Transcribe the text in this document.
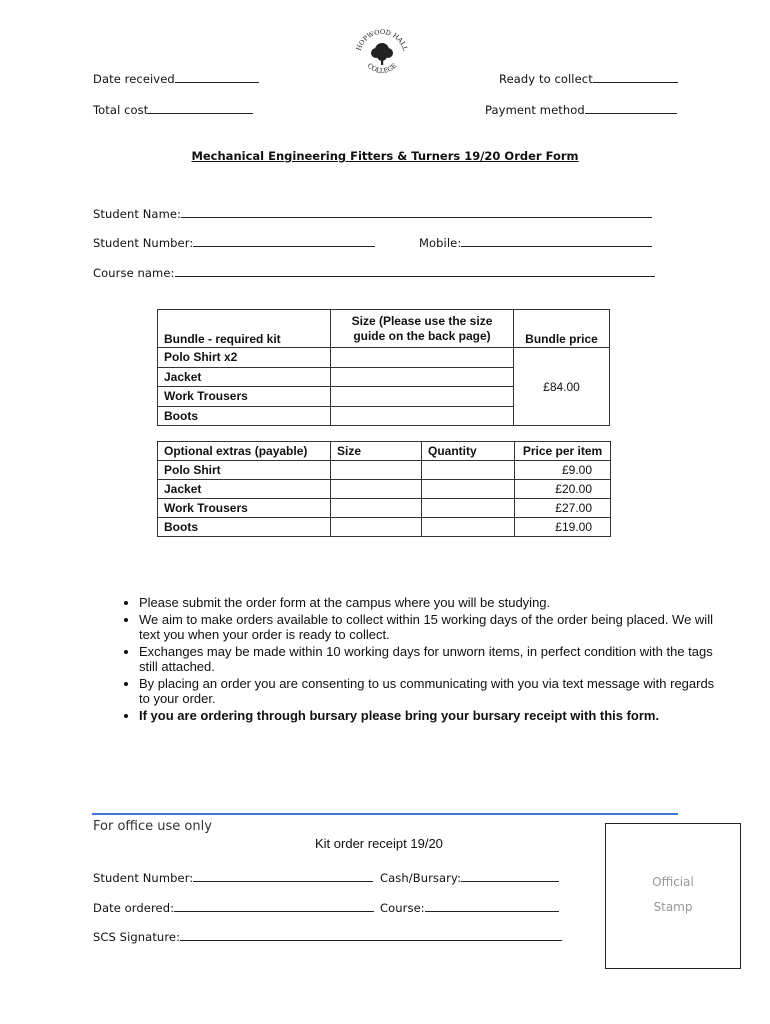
HOPWOOD HALL
COLLEGE
Date received	Ready to collect
Total cost	Payment method
Mechanical Engineering Fitters & Turners 19/20 Order Form
Student Name:
Student Number:	Mobile:
Course name:
Bundle - required kit	Size (Please use the size guide on the back page)	Bundle price
Polo Shirt x2		£84.00
Jacket		
Work Trousers		
Boots		
Optional extras (payable)	Size	Quantity	Price per item
Polo Shirt			£9.00
Jacket			£20.00
Work Trousers			£27.00
Boots			£19.00
• Please submit the order form at the campus where you will be studying.
• We aim to make orders available to collect within 15 working days of the order being placed. We will text you when your order is ready to collect.
• Exchanges may be made within 10 working days for unworn items, in perfect condition with the tags still attached.
• By placing an order you are consenting to us communicating with you via text message with regards to your order.
• If you are ordering through bursary please bring your bursary receipt with this form.
For office use only
Kit order receipt 19/20
Student Number:	Cash/Bursary:
Date ordered:	Course:
SCS Signature:
Official
Stamp
